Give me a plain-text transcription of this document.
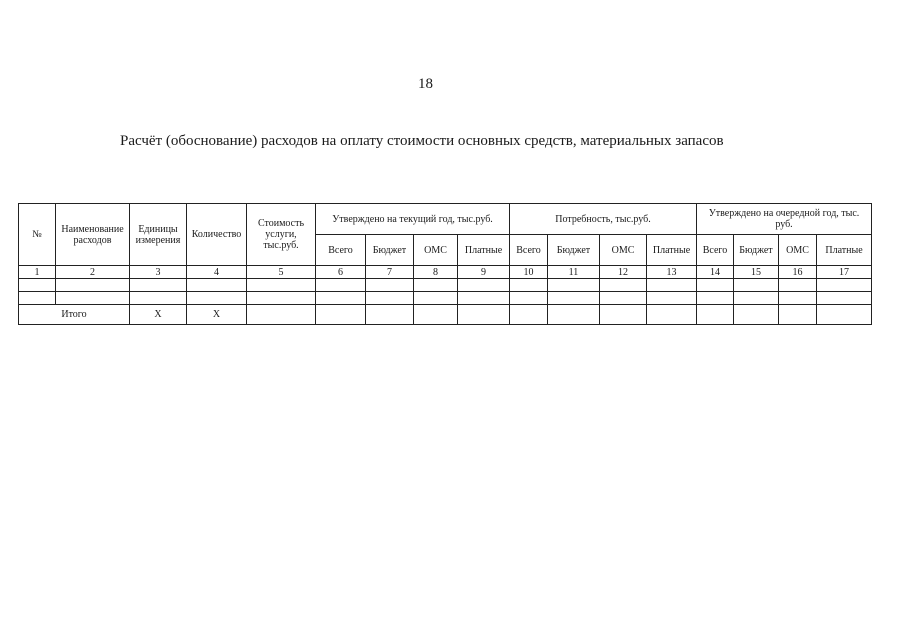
18
Расчёт (обоснование) расходов на оплату стоимости основных средств, материальных запасов
№	Наименование расходов	Единицы измерения	Количество	Стоимость услуги, тыс.руб.	Утверждено на текущий год, тыс.руб.				Потребность, тыс.руб.				Утверждено на очередной год, тыс. руб.			
					Всего	Бюджет	ОМС	Платные	Всего	Бюджет	ОМС	Платные	Всего	Бюджет	ОМС	Платные
1	2	3	4	5	6	7	8	9	10	11	12	13	14	15	16	17

Итого		Х	Х													
